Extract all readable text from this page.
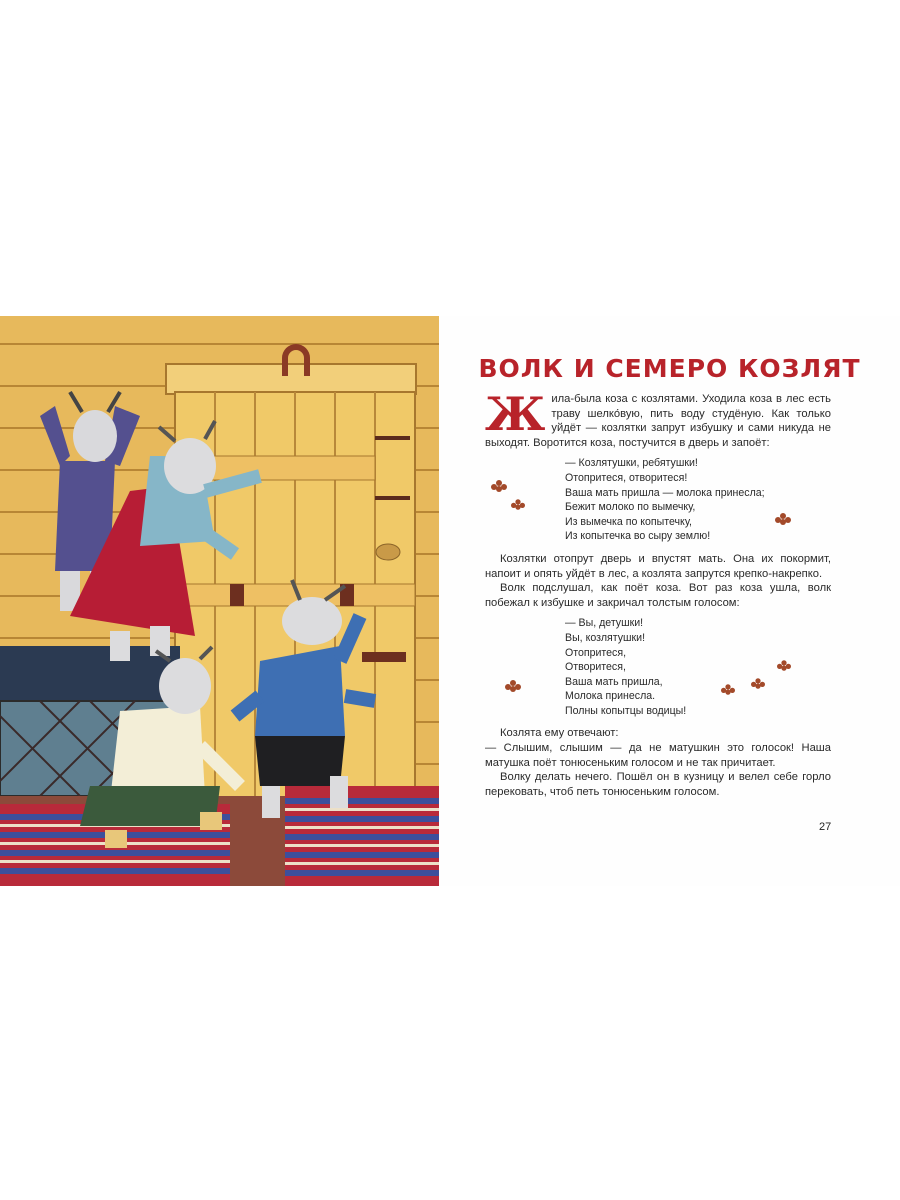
ВОЛК И СЕМЕРО КОЗЛЯТ

Жила-была коза с козлятами. Уходила коза в лес есть траву шелко́вую, пить воду студёную. Как только уйдёт — козлятки запрут избушку и сами никуда не выходят. Воротится коза, постучится в дверь и запоёт:

— Козлятушки, ребятушки!
Отопритеся, отворитеся!
Ваша мать пришла — молока принесла;
Бежит молоко по вымечку,
Из вымечка по копытечку,
Из копытечка во сыру землю!

Козлятки отопрут дверь и впустят мать. Она их покормит, напоит и опять уйдёт в лес, а козлята запрутся крепко-накрепко.

Волк подслушал, как поёт коза. Вот раз коза ушла, волк побежал к избушке и закричал толстым голосом:

— Вы, детушки!
Вы, козлятушки!
Отопритеся,
Отворитеся,
Ваша мать пришла,
Молока принесла.
Полны копытцы водицы!

Козлята ему отвечают:

— Слышим, слышим — да не матушкин это голосок! Наша матушка поёт тонюсеньким голосом и не так причитает.

Волку делать нечего. Пошёл он в кузницу и велел себе горло перековать, чтоб петь тонюсеньким голосом.

27
